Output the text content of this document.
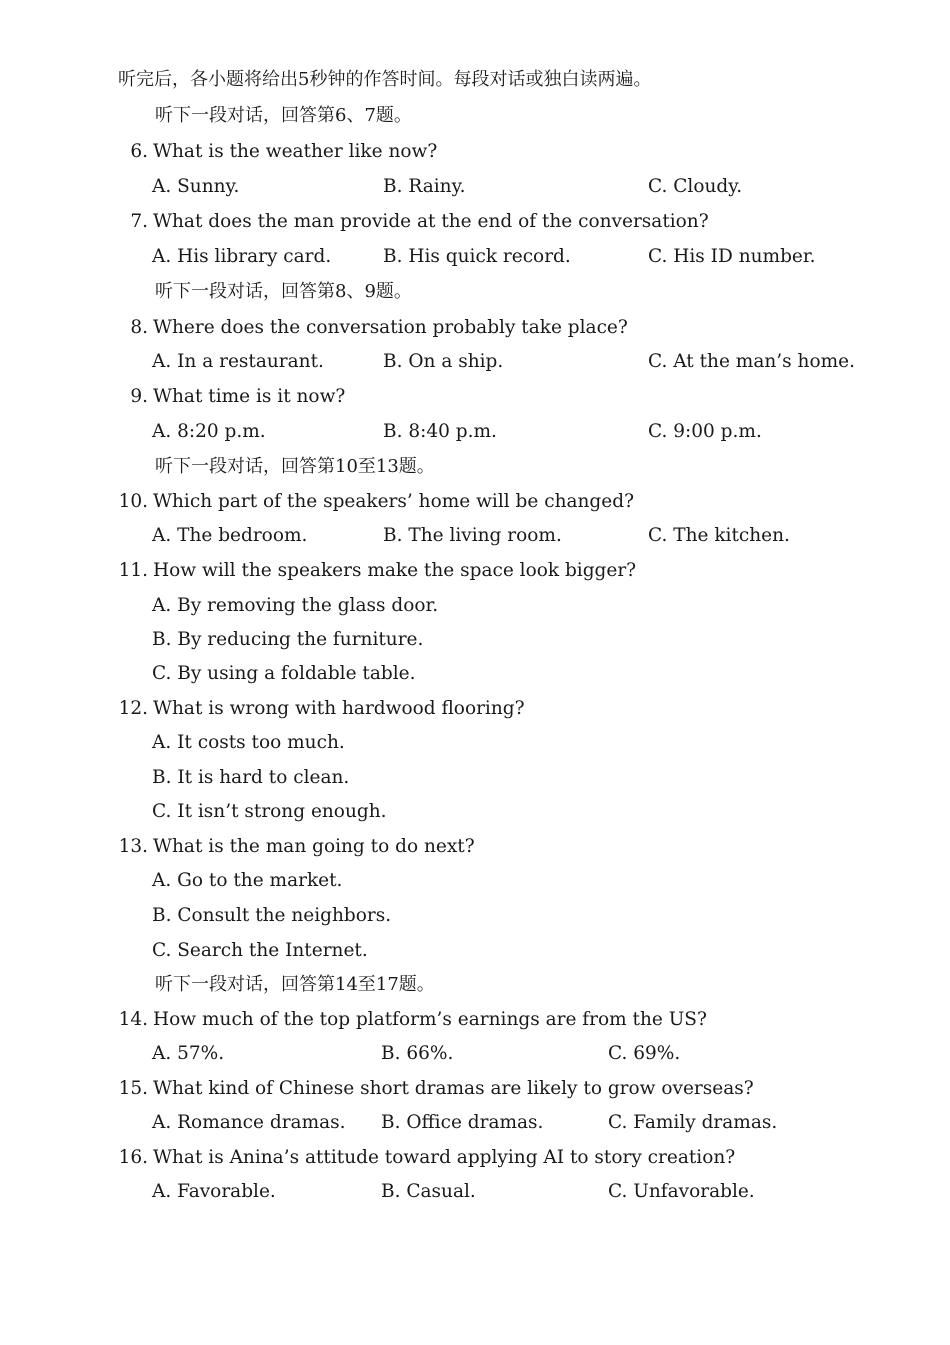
听完后，各小题将给出5秒钟的作答时间。每段对话或独白读两遍。
听下一段对话，回答第6、7题。
6. What is the weather like now?
A. Sunny.	B. Rainy.	C. Cloudy.
7. What does the man provide at the end of the conversation?
A. His library card.	B. His quick record.	C. His ID number.
听下一段对话，回答第8、9题。
8. Where does the conversation probably take place?
A. In a restaurant.	B. On a ship.	C. At the man’s home.
9. What time is it now?
A. 8:20 p.m.	B. 8:40 p.m.	C. 9:00 p.m.
听下一段对话，回答第10至13题。
10. Which part of the speakers’ home will be changed?
A. The bedroom.	B. The living room.	C. The kitchen.
11. How will the speakers make the space look bigger?
A. By removing the glass door.
B. By reducing the furniture.
C. By using a foldable table.
12. What is wrong with hardwood flooring?
A. It costs too much.
B. It is hard to clean.
C. It isn’t strong enough.
13. What is the man going to do next?
A. Go to the market.
B. Consult the neighbors.
C. Search the Internet.
听下一段对话，回答第14至17题。
14. How much of the top platform’s earnings are from the US?
A. 57%.	B. 66%.	C. 69%.
15. What kind of Chinese short dramas are likely to grow overseas?
A. Romance dramas. B. Office dramas.	C. Family dramas.
16. What is Anina’s attitude toward applying AI to story creation?
A. Favorable.	B. Casual.	C. Unfavorable.
